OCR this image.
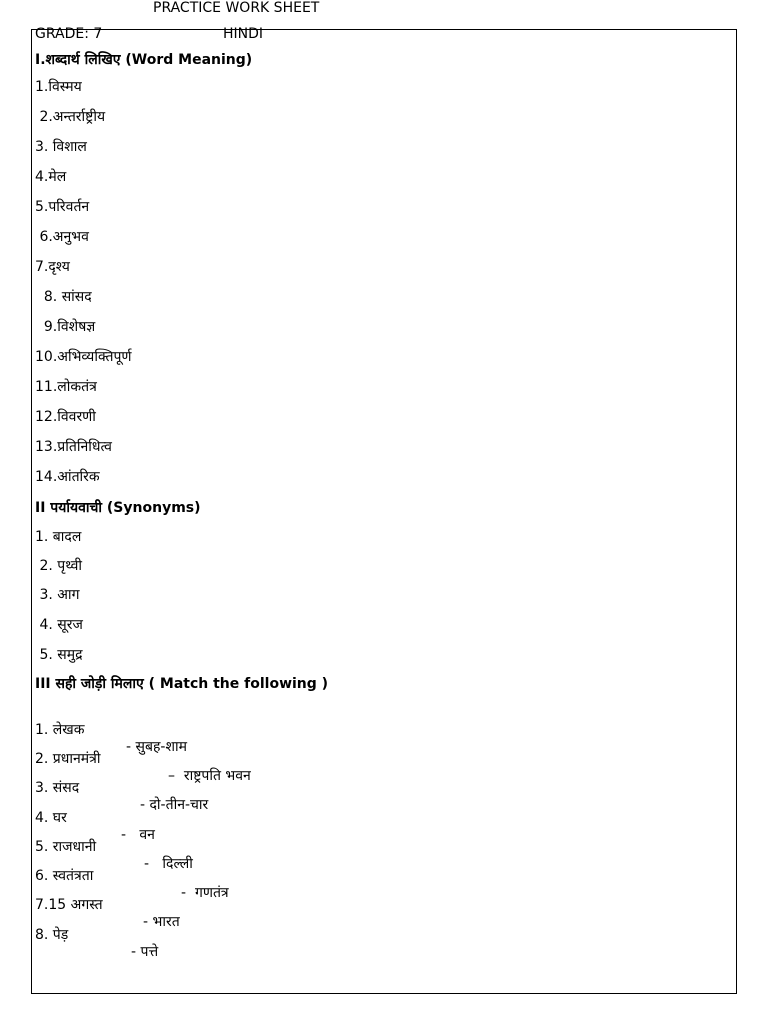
PRACTICE WORK SHEET
GRADE: 7	HINDI
I.शब्दार्थ लिखिए (Word Meaning)
1.विस्मय
2.अन्तर्राष्ट्रीय
3. विशाल
4.मेल
5.परिवर्तन
6.अनुभव
7.दृश्य
8. सांसद
9.विशेषज्ञ
10.अभिव्यक्तिपूर्ण
11.लोकतंत्र
12.विवरणी
13.प्रतिनिधित्व
14.आंतरिक
II पर्यायवाची (Synonyms)
1. बादल
2. पृथ्वी
3. आग
4. सूरज
5. समुद्र
III सही जोड़ी मिलाए ( Match the following )

1. लेखक

- सुबह-शाम

2. प्रधानमंत्री

–  राष्ट्रपति भवन

3. संसद

- दो-तीन-चार

4. घर

-   वन

5. राजधानी

-   दिल्ली

6. स्वतंत्रता

-  गणतंत्र

7.15 अगस्त

- भारत

8. पेड़

- पत्ते
